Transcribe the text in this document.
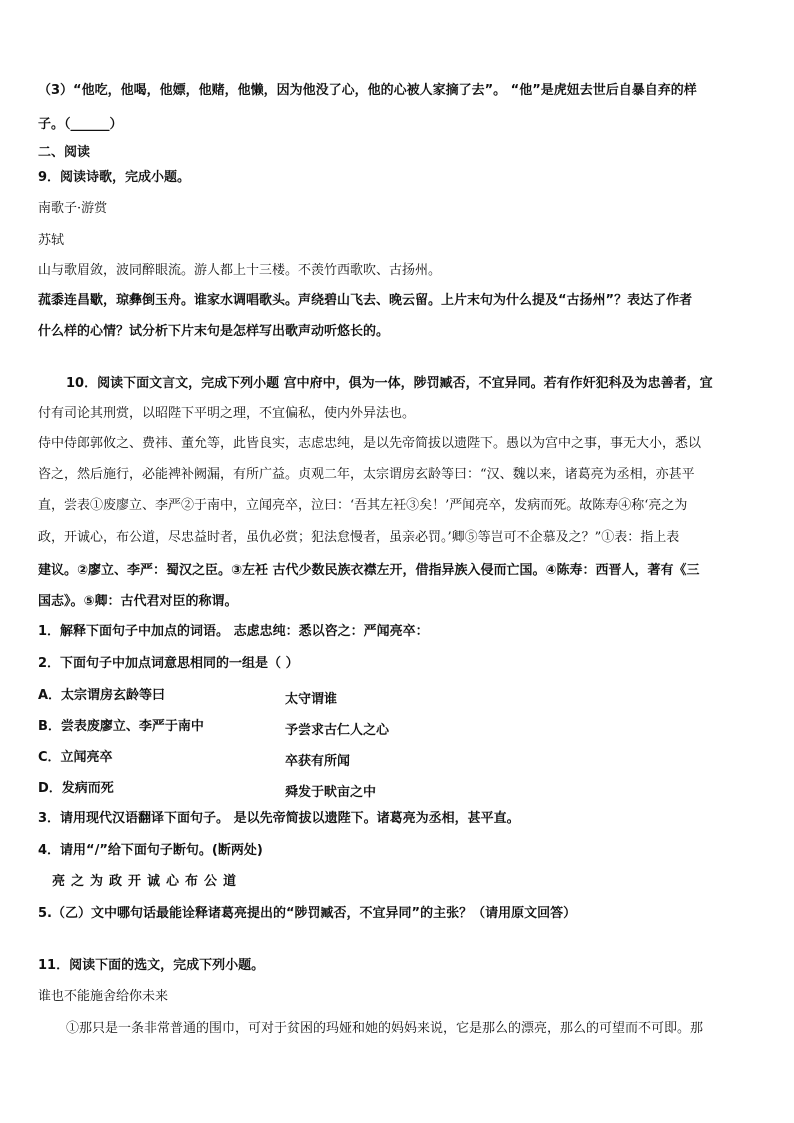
（3）“他吃，他喝，他嫖，他赌，他懒，因为他没了心，他的心被人家摘了去”。 “他”是虎妞去世后自暴自弃的样
子。（______）
二、阅读
9．阅读诗歌，完成小题。
南歌子·游赏
苏轼
山与歌眉敛，波同醉眼流。游人都上十三楼。不羡竹西歌吹、古扬州。
菰黍连昌歜，琼彝倒玉舟。谁家水调唱歌头。声绕碧山飞去、晚云留。上片末句为什么提及“古扬州”？表达了作者
什么样的心情？试分析下片末句是怎样写出歌声动听悠长的。
10．阅读下面文言文，完成下列小题 宫中府中，俱为一体，陟罚臧否，不宜异同。若有作奸犯科及为忠善者，宜
付有司论其刑赏，以昭陛下平明之理，不宜偏私，使内外异法也。
侍中侍郎郭攸之、费祎、董允等，此皆良实，志虑忠纯，是以先帝简拔以遗陛下。愚以为宫中之事，事无大小，悉以
咨之，然后施行，必能裨补阙漏，有所广益。贞观二年，太宗谓房玄龄等曰：“汉、魏以来，诸葛亮为丞相，亦甚平
直，尝表①废廖立、李严②于南中，立闻亮卒，泣曰：‘吾其左衽③矣！’严闻亮卒，发病而死。故陈寿④称‘亮之为
政，开诚心，布公道，尽忠益时者，虽仇必赏；犯法怠慢者，虽亲必罚。’卿⑤等岂可不企慕及之？”①表：指上表
建议。②廖立、李严：蜀汉之臣。③左衽 古代少数民族衣襟左开，借指异族入侵而亡国。④陈寿：西晋人，著有《三
国志》。⑤卿：古代君对臣的称谓。
1．解释下面句子中加点的词语。 志虑忠纯：悉以咨之：严闻亮卒：
2．下面句子中加点词意思相同的一组是（ ）
A．太宗谓房玄龄等曰	太守谓谁
B．尝表废廖立、李严于南中	予尝求古仁人之心
C．立闻亮卒	卒获有所闻
D．发病而死	舜发于畎亩之中
3．请用现代汉语翻译下面句子。 是以先帝简拔以遗陛下。诸葛亮为丞相，甚平直。
4．请用“/”给下面句子断句。(断两处)
亮之为政开诚心布公道
5.（乙）文中哪句话最能诠释诸葛亮提出的“陟罚臧否，不宜异同”的主张？（请用原文回答）
11．阅读下面的选文，完成下列小题。
谁也不能施舍给你未来
①那只是一条非常普通的围巾，可对于贫困的玛娅和她的妈妈来说，它是那么的漂亮，那么的可望而不可即。那
